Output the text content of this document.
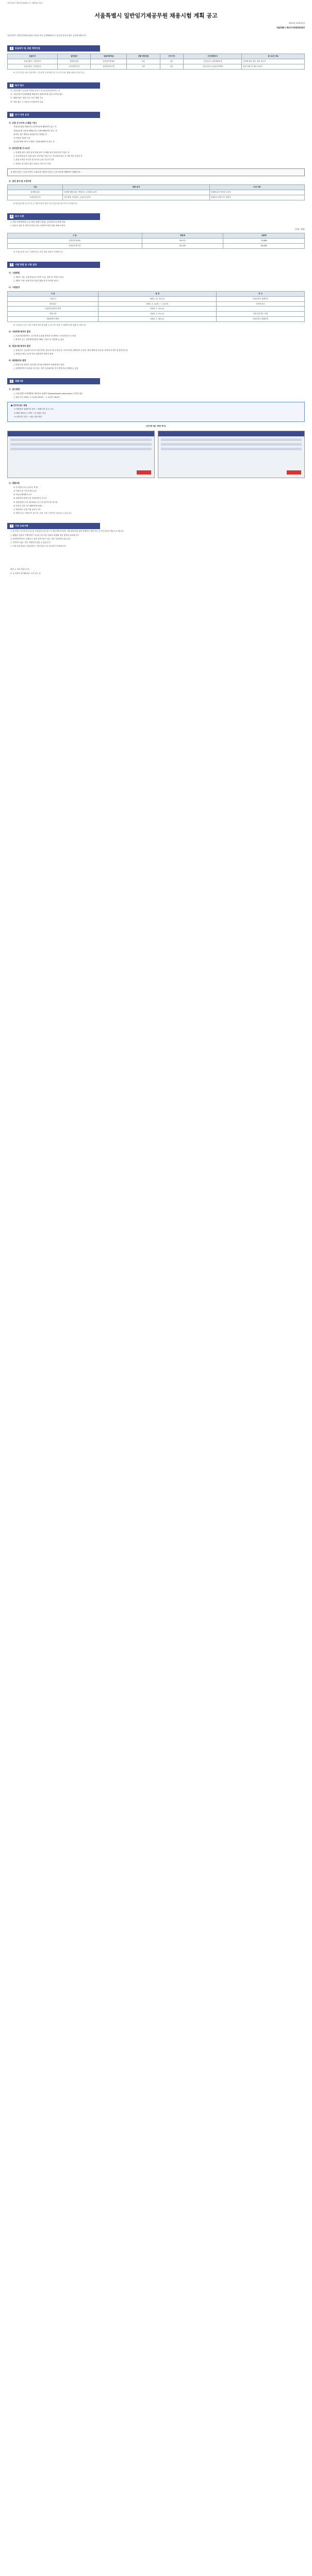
서울특별시 제2인사위원회 공고 제2021-72호
서울특별시 일반임기제공무원 채용시험 계획 공고
2021년 12월 22일
서울특별시 제2인사위원회위원장
서울특별시 일반임기제공무원을 다음과 같이 공개채용하오니 유능한 분들의 많은 응모를 바랍니다.
1	임용분야 및 선발 예정인원
임용부서	담당업무	임용예정직급	선발 예정인원	근무기간	근무예정부서	응시요건 개요
서울특별시 시민건강국	감염병 관리	일반임기제 6호	1명	2년	시민건강국 감염병관리과	감염병 관련 업무 경력 보유자
서울특별시 시민건강국	보건정책 분석	일반임기제 7호	1명	2년	시민건강국 보건의료정책과	관련 학위 및 경력 보유자
※ 근무기간은 최초 2년이며, 근무실적 등에 따라 총 근무기간 5년 범위 내에서 연장 가능
2	원서 접수
가. 서울특별시 공무원 자격을 갖추고 응시요건을 충족하는 자
나. 서울특별시인재개발원 채용정보 홈페이지를 통한 인터넷 접수
다. 제출서류는 원본 또는 사본 제출 가능
라. 우편 접수 시 마감일 소인분까지 유효
3	응시 자격 요건
가. 공통 응시자격 (시험일 기준)
지방공무원법 제31조의 결격사유에 해당하지 않는 자
지방공무원 임용령 제65조의 규정에 해당하지 않는 자
남자의 경우 병역을 필하였거나 면제된 자
응시연령: 20세 이상
공무원 채용시험 응시제한 사유에 해당하지 않는 자
나. 담당업무별 응시요건
○ 감염병 관리: 관련 분야 학위 취득 후 해당 분야 경력 2년 이상인 자
○ 보건정책 분석: 관련 분야 석사학위 이상 또는 학사학위 취득 후 경력 3년 이상인 자
○ 관련 자격증 소지자 및 외국어 능력 우수자 우대
○ 경력은 응시원서 접수 마감일 기준으로 산정
※ 경력 산정 시 근무시간이 주 40시간 미만인 경우는 근무시간에 비례하여 인정합니다.
다. 관련 분야 및 우대사항
구분	관련 분야	우대 사항
감염병 관리	감염병 예방·관리, 역학조사, 보건의료 분야	감염병 관련 자격증 소지자
보건정책 분석	보건정책, 보건의료, 공공보건 분야	정책분석 관련 연구 경력자
※ 담당업무별 응시요건 등 세부사항은 붙임 직무기술서를 참고하시기 바랍니다.
4	보수 수준
○ 연봉 하한액(연봉 등급 범위 내에서 결정): 공무원보수규정에 따름
○ 연봉은 임용 후 개인의 경력 등을 고려하여 연봉 범위 내에서 결정
(단위: 천원)
구 분	하한액	상한액
일반임기제 6호	50,572	74,868
일반임기제 7호	43,194	64,066
※ 지방공무원 보수 규정에 따른 연봉 범위 내에서 결정합니다.
5	시험 방법 및 시험 일정
가. 시험방법
○ 제1차 시험: 서류전형 (응시자격 요건, 경력 및 적격성 심사)
○ 제2차 시험: 면접시험 (직무수행능력 및 적격성 평가)
나. 시험일정
구 분	일 정	비 고
시험공고	2021. 12. 22.(수)	서울특별시 홈페이지
원서접수	2022. 1. 4.(화) ~ 1. 6.(목)	인터넷 접수
서류전형 합격자 발표	2022. 1. 14.(금)	
면접시험	2022. 1. 21.(금)	세부일정 별도 안내
최종합격자 발표	2022. 1. 28.(금)	서울특별시 홈페이지
※ 시험일정 등은 기관 사정에 따라 변경될 수 있으며, 변경 시 홈페이지를 통해 공고합니다.
다. 서류전형 합격자 결정
○ 서류전형 합격자는 응시자격 요건을 충족한 자 중에서 고득점자순으로 결정
○ 합격자 수는 선발예정인원의 3배수 이상으로 결정할 수 있음
라. 면접시험 합격자 결정
○ 평정요소: 공무원으로서의 정신자세, 전문지식과 응용능력, 의사표현의 정확성과 논리성, 예의·품행 및 성실성, 창의력·의지력 및 발전가능성
○ 평정요소별로 상·중·하로 평정하여 합격자 결정
마. 최종합격자 결정
○ 면접시험 성적과 서류전형 성적을 종합하여 최종합격자 결정
○ 최종합격자가 임용을 포기하는 경우 차순위자를 추가 합격자로 결정할 수 있음
6	제출서류
가. 접수방법
○ 서울특별시인재개발원 채용정보 홈페이지(gongmuwon.seoul.go.kr) 인터넷 접수
○ 접수기간: 2022. 1. 4.(화) 09:00 ~ 1. 6.(목) 18:00
■ 인터넷 접수 방법
① 채용정보 홈페이지 접속 → 회원가입 및 로그인
② 해당 채용공고 선택 → 응시원서 작성
③ 증빙서류 첨부 → 접수 완료 확인
[인터넷 접수 화면 예시]
나. 제출서류
① 응시원서 1부 (온라인 작성)
② 이력서 및 자기소개서 1부
③ 직무수행계획서 1부
④ 최종학력 증명서 및 성적증명서 각 1부
⑤ 경력증명서 1부 (담당업무 및 근무기간이 명시된 것)
⑥ 자격증 사본 1부 (해당자에 한함)
⑦ 개인정보 수집·이용 동의서 1부
※ 제출서류는 반환하지 않으며, 허위 기재 시 합격이 취소될 수 있습니다.
7	기타 유의사항
○ 응시자는 응시자격 요건 및 시험일정 등을 반드시 확인하여야 하며, 이를 확인하지 않아 발생하는 불이익은 응시자 본인의 책임으로 합니다.
○ 제출한 서류의 기재사항이 사실과 다르거나 허위로 판명될 경우 합격을 취소합니다.
○ 최종합격자라도 신원조사 결과 결격사유가 있는 경우 임용하지 않습니다.
○ 적격자가 없는 경우 선발하지 않을 수 있습니다.
○ 기타 문의사항은 서울특별시 시민건강국으로 문의하시기 바랍니다.
붙임 1. 직무기술서 1부.
2. 응시원서 및 제출서류 서식 1부. 끝.
